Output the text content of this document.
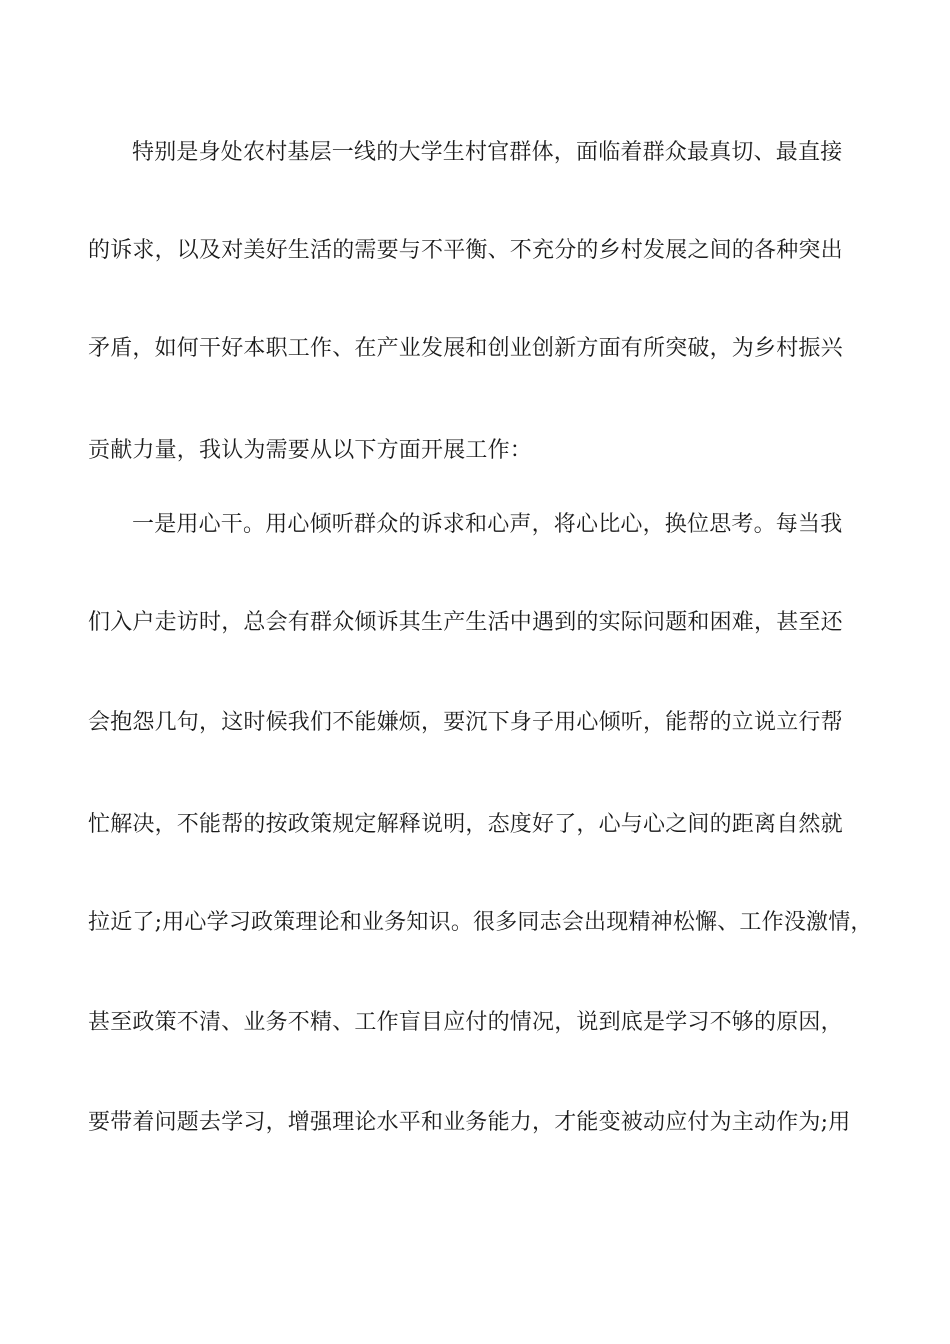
特别是身处农村基层一线的大学生村官群体，面临着群众最真切、最直接
的诉求，以及对美好生活的需要与不平衡、不充分的乡村发展之间的各种突出
矛盾，如何干好本职工作、在产业发展和创业创新方面有所突破，为乡村振兴
贡献力量，我认为需要从以下方面开展工作：
一是用心干。用心倾听群众的诉求和心声，将心比心，换位思考。每当我
们入户走访时，总会有群众倾诉其生产生活中遇到的实际问题和困难，甚至还
会抱怨几句，这时候我们不能嫌烦，要沉下身子用心倾听，能帮的立说立行帮
忙解决，不能帮的按政策规定解释说明，态度好了，心与心之间的距离自然就
拉近了;用心学习政策理论和业务知识。很多同志会出现精神松懈、工作没激情，
甚至政策不清、业务不精、工作盲目应付的情况，说到底是学习不够的原因，
要带着问题去学习，增强理论水平和业务能力，才能变被动应付为主动作为;用
